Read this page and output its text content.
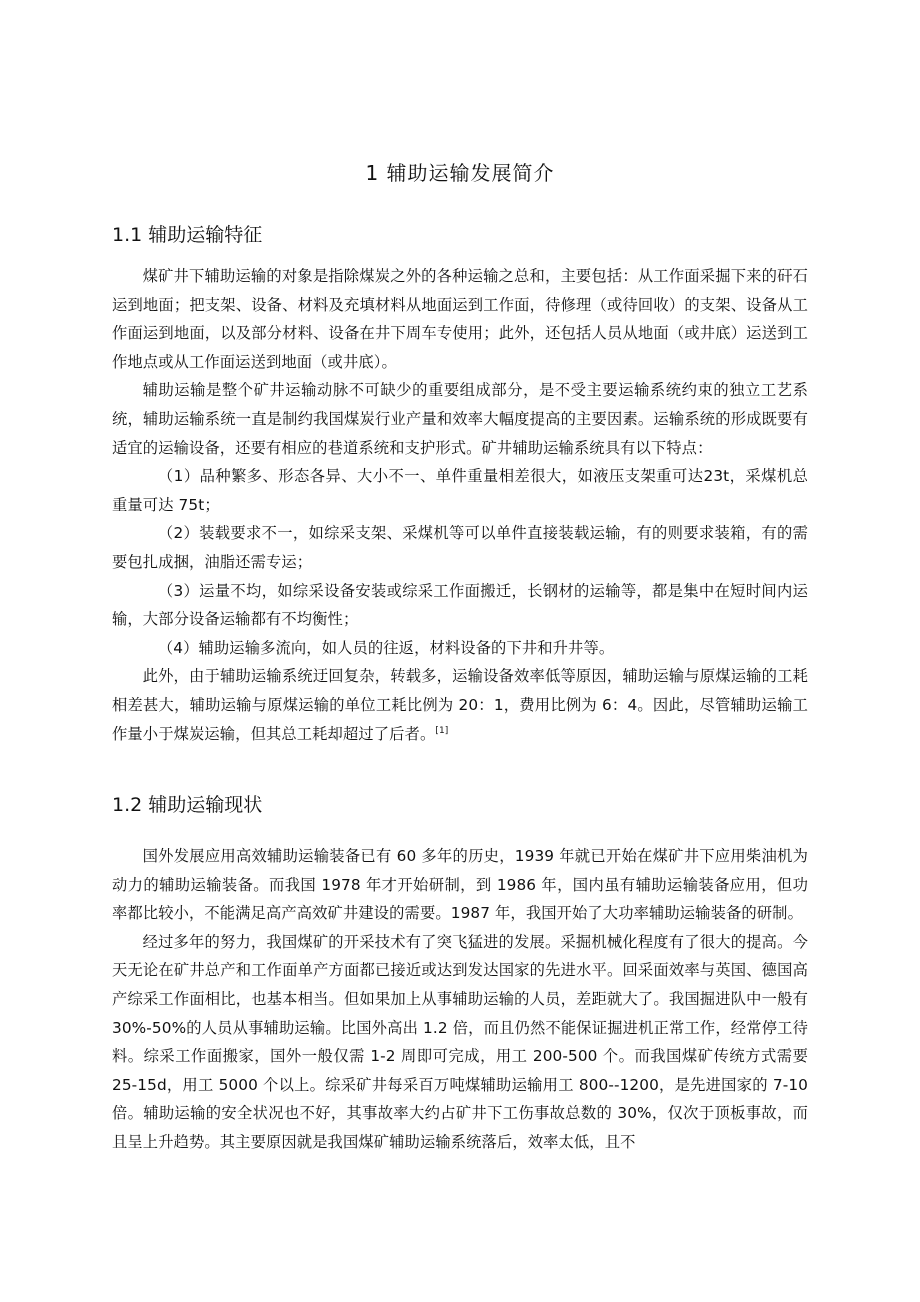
1 辅助运输发展简介
1.1 辅助运输特征

煤矿井下辅助运输的对象是指除煤炭之外的各种运输之总和，主要包括：从工作面采掘下来的矸石运到地面；把支架、设备、材料及充填材料从地面运到工作面，待修理（或待回收）的支架、设备从工作面运到地面，以及部分材料、设备在井下周车专使用；此外，还包括人员从地面（或井底）运送到工作地点或从工作面运送到地面（或井底）。

辅助运输是整个矿井运输动脉不可缺少的重要组成部分，是不受主要运输系统约束的独立工艺系统，辅助运输系统一直是制约我国煤炭行业产量和效率大幅度提高的主要因素。运输系统的形成既要有适宜的运输设备，还要有相应的巷道系统和支护形式。矿井辅助运输系统具有以下特点：

（1）品种繁多、形态各异、大小不一、单件重量相差很大，如液压支架重可达23t，采煤机总重量可达 75t；

（2）装载要求不一，如综采支架、采煤机等可以单件直接装载运输，有的则要求装箱，有的需要包扎成捆，油脂还需专运；

（3）运量不均，如综采设备安装或综采工作面搬迁，长钢材的运输等，都是集中在短时间内运输，大部分设备运输都有不均衡性；

（4）辅助运输多流向，如人员的往返，材料设备的下井和升井等。

此外，由于辅助运输系统迂回复杂，转载多，运输设备效率低等原因，辅助运输与原煤运输的工耗相差甚大，辅助运输与原煤运输的单位工耗比例为 20：1，费用比例为 6：4。因此，尽管辅助运输工作量小于煤炭运输，但其总工耗却超过了后者。[1]

1.2 辅助运输现状

国外发展应用高效辅助运输装备已有 60 多年的历史，1939 年就已开始在煤矿井下应用柴油机为动力的辅助运输装备。而我国 1978 年才开始研制，到 1986 年，国内虽有辅助运输装备应用，但功率都比较小，不能满足高产高效矿井建设的需要。1987 年，我国开始了大功率辅助运输装备的研制。

经过多年的努力，我国煤矿的开采技术有了突飞猛进的发展。采掘机械化程度有了很大的提高。今天无论在矿井总产和工作面单产方面都已接近或达到发达国家的先进水平。回采面效率与英国、德国高产综采工作面相比，也基本相当。但如果加上从事辅助运输的人员，差距就大了。我国掘进队中一般有 30%-50%的人员从事辅助运输。比国外高出 1.2 倍，而且仍然不能保证掘进机正常工作，经常停工待料。综采工作面搬家，国外一般仅需 1-2 周即可完成，用工 200-500 个。而我国煤矿传统方式需要 25-15d，用工 5000 个以上。综采矿井每采百万吨煤辅助运输用工 800--1200，是先进国家的 7-10 倍。辅助运输的安全状况也不好，其事故率大约占矿井下工伤事故总数的 30%，仅次于顶板事故，而且呈上升趋势。其主要原因就是我国煤矿辅助运输系统落后，效率太低，且不
